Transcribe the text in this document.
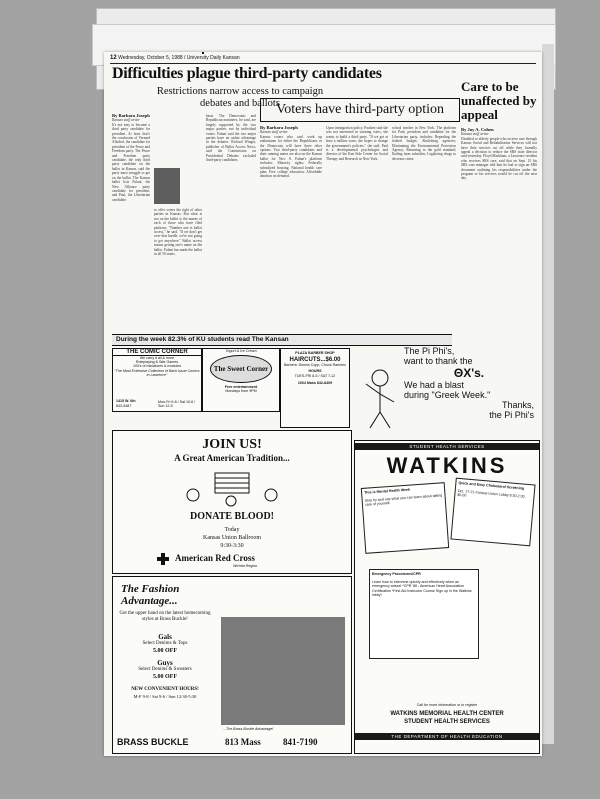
12 Wednesday, October 5, 1988 / University Daily Kansan
Difficulties plague third-party candidates
Restrictions narrow access to campaign debates and ballots
By Barbara Joseph
Kansan staff writer
It's not easy to become a third party candidate for president. At least that's the conclusion of Vernard Allsdorf, the candidate for president of the Peace and Freedom party. The Peace and Freedom party candidate, the only third party candidate on the ballot in Kansas, said the party must struggle to get on the ballot. The Kansas ballot lists Fulani, the New Alliance party candidate for president, and Paul, the Libertarian candidate.
to offer voters the right of other parties in Kansas. But what is not on the ballot is the names of each of those who have filed petitions. "Number one is ballot access," he said. "If we don't get over that hurdle, we're not going to get anywhere." Ballot access means getting one's name on the ballot. Fulani has made the ballot in all 50 states.
basis. The Democratic and Republican nominees, he said, are largely supported by the two major parties, not by individual voters. Fulani said the two major parties have an unfair advantage in the debates. Richard Winger, publisher of Ballot Access News, said the Commission on Presidential Debates excluded third-party candidates.
Voters have third-party option
By Barbara Joseph
Kansan staff writer
Kansas voters who can't work up enthusiasm for either the Republicans or the Democrats will have three other options. Two third-party candidates and their running mates are also on the Kansas ballot for Nov. 8. Fulani's platform includes: Minority rights; Federally subsidized housing; National health care plan; Free college education; Affordable abortion on demand.
Upon immigration policy. Paulsen said she was not interested in winning votes; she wants to build a third party. "If we get at least a million votes, she hopes to change the government's policies," she said. Paul is a developmental psychologist and director of the East Side Center for Social Therapy and Research in New York.
school teacher in New York. The platform for Paul, president and candidate for the Libertarian party, includes: Repealing the federal budget; Abolishing agencies; Eliminating the Environmental Protection Agency; Returning to the gold standard; Ending farm subsidies; Legalizing drugs to decrease crime.
Care to be unaffected by appeal
By Jay A. Cohen
Kansan staff writer
Disabled or elderly people who receive care through Kansas Social and Rehabilitation Services will not have their services cut off while they formally appeal a decision to reduce the SRS state director said yesterday. Floyd Markham, a Lawrence resident who receives SRS care, said that on Sept. 15 his SRS case manager told him he had to sign an SRS document outlining his responsibilities under the program or his services would be cut off the next day.
During the week 82.3% of KU students read The Kansan
THE COMIC CORNER
We carry it all & more
Roleplaying & War Games
100's of miniatures & modules
"The Most Extensive Collection of Back Issue Comics in Lawrence"
1415 W. 6th
843-5487
Mon-Fri 9-8 / Sat 10-6 / Sun 12-5
Yogurt & Ice Cream
The Sweet Corner
Free entertainment
Mondays from 9PM
PLAZA BARBER SHOP
HAIRCUTS...$6.00
Barbers: Dennis Copp, Chuck Ramirez
HOURS
TUES-FRI 8-5 / SAT 7-12
1604 Mass 842-8409
The Pi Phi's,
want to thank the
ΘX's.
We had a blast
during "Greek Week."
Thanks,
the Pi Phi's
JOIN US!
A Great American Tradition...
DONATE BLOOD!
Today
Kansas Union Ballroom
9:30-3:30
American Red Cross
Wichita Region
The Fashion Advantage...
Get the upper hand on the latest homecoming styles at Brass Buckle!
Gals
Select Denims & Tops
5.00 OFF
Guys
Select Denims & Sweaters
5.00 OFF
NEW CONVENIENT HOURS!
M-F 9-8 / Sat 9-6 / Sun 12:30-5:30
...The Brass Buckle Advantage!
BRASS BUCKLE	813 Mass 841-7190
STUDENT HEALTH SERVICES
WATKINS
This is Mental Health Week
Stop by and see what you can learn about taking care of yourself.
Quick and Easy Cholesterol Screening
Oct. 17-21 Kansas Union Lobby 9:30-2:30 $5.00
Emergency Procedures/CPR
Learn how to intervene quickly and effectively when an emergency arises! *CPR '88 - American Heart Association Certification *First Aid Instructor Course Sign up in the Watkins lobby!
Call for more information or to register
WATKINS MEMORIAL HEALTH CENTER
STUDENT HEALTH SERVICES
THE DEPARTMENT OF HEALTH EDUCATION
